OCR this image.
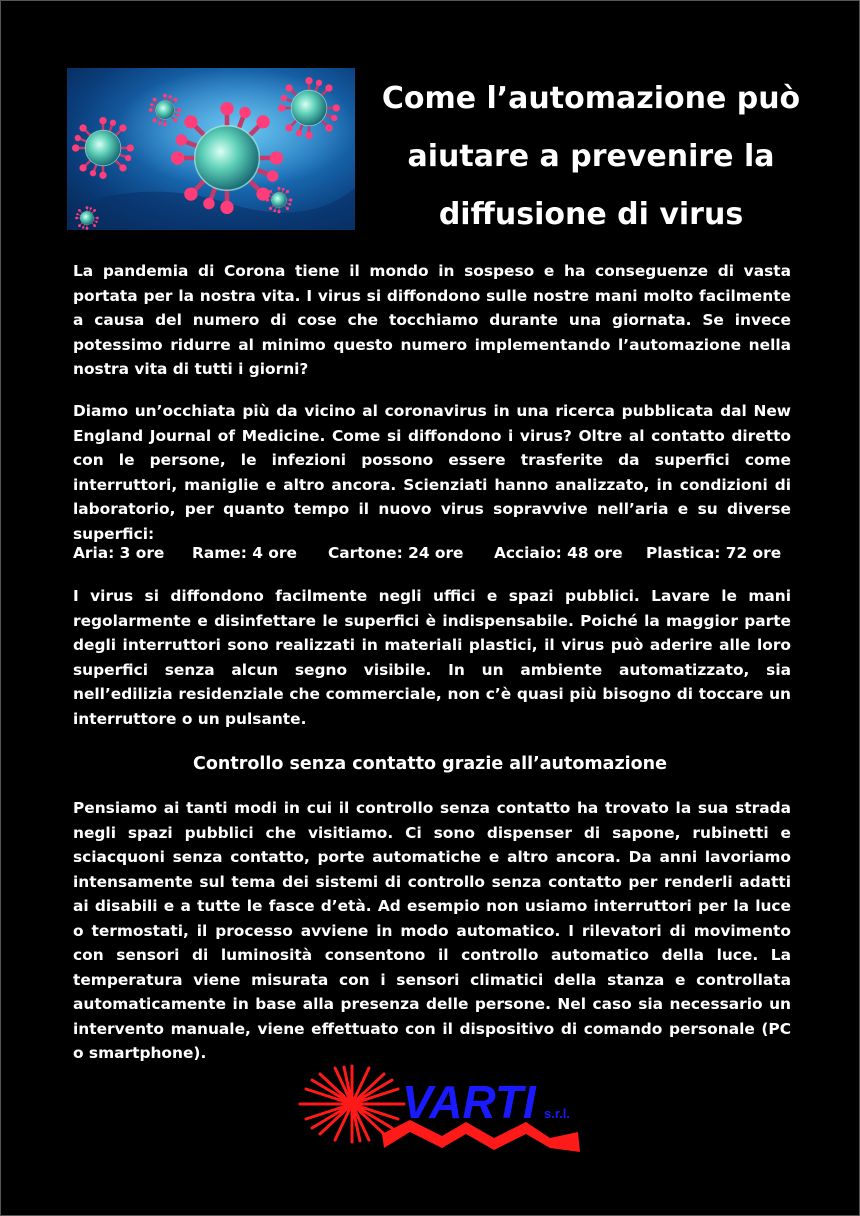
Come l’automazione può
aiutare a prevenire la
diffusione di virus
La pandemia di Corona tiene il mondo in sospeso e ha conseguenze di vasta portata per la nostra vita. I virus si diffondono sulle nostre mani molto facilmente a causa del numero di cose che tocchiamo durante una giornata. Se invece potessimo ridurre al minimo questo numero implementando l’automazione nella nostra vita di tutti i giorni?
Diamo un’occhiata più da vicino al coronavirus in una ricerca pubblicata dal New England Journal of Medicine. Come si diffondono i virus? Oltre al contatto diretto con le persone, le infezioni possono essere trasferite da superfici come interruttori, maniglie e altro ancora. Scienziati hanno analizzato, in condizioni di laboratorio, per quanto tempo il nuovo virus sopravvive nell’aria e su diverse superfici:
Aria: 3 ore Rame: 4 ore Cartone: 24 ore Acciaio: 48 ore Plastica: 72 ore
I virus si diffondono facilmente negli uffici e spazi pubblici. Lavare le mani regolarmente e disinfettare le superfici è indispensabile. Poiché la maggior parte degli interruttori sono realizzati in materiali plastici, il virus può aderire alle loro superfici senza alcun segno visibile. In un ambiente automatizzato, sia nell’edilizia residenziale che commerciale, non c’è quasi più bisogno di toccare un interruttore o un pulsante.
Controllo senza contatto grazie all’automazione
Pensiamo ai tanti modi in cui il controllo senza contatto ha trovato la sua strada negli spazi pubblici che visitiamo. Ci sono dispenser di sapone, rubinetti e sciacquoni senza contatto, porte automatiche e altro ancora. Da anni lavoriamo intensamente sul tema dei sistemi di controllo senza contatto per renderli adatti ai disabili e a tutte le fasce d’età. Ad esempio non usiamo interruttori per la luce o termostati, il processo avviene in modo automatico. I rilevatori di movimento con sensori di luminosità consentono il controllo automatico della luce. La temperatura viene misurata con i sensori climatici della stanza e controllata automaticamente in base alla presenza delle persone. Nel caso sia necessario un intervento manuale, viene effettuato con il dispositivo di comando personale (PC o smartphone).
VARTI s.r.l.
